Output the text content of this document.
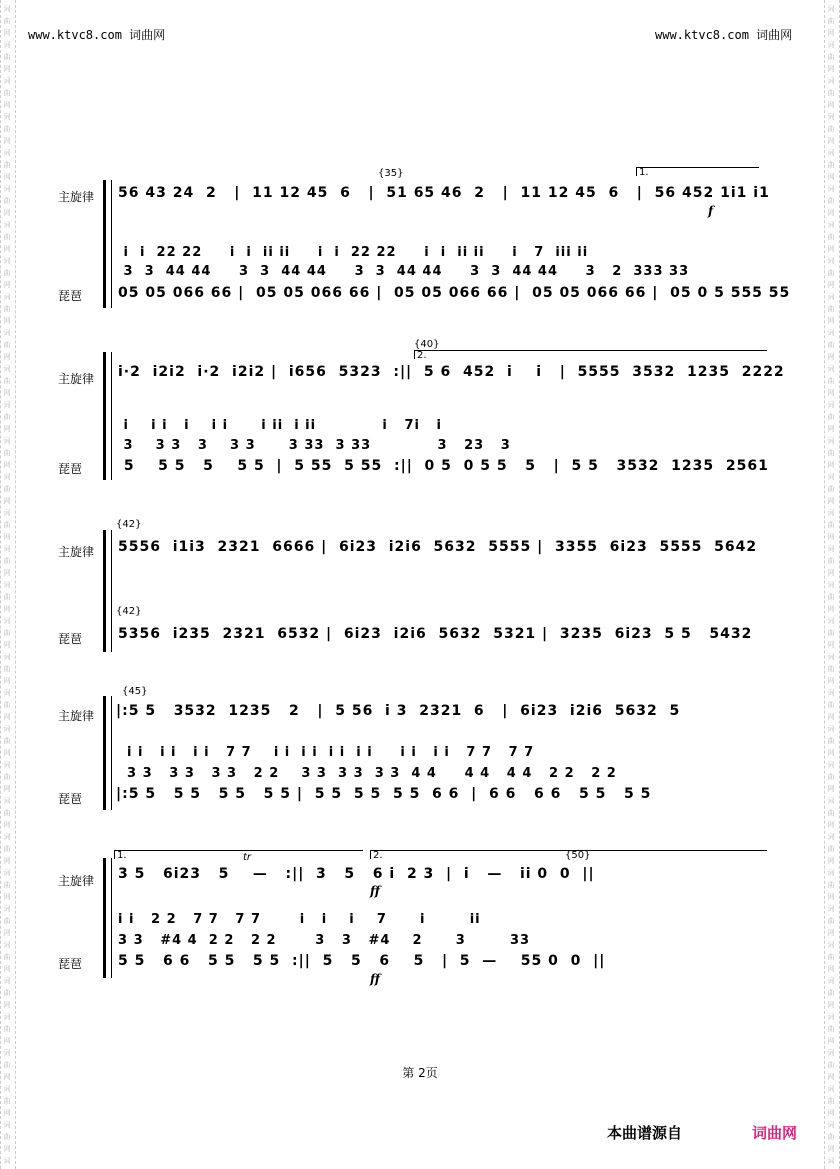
词	词
曲	曲
网	网
词	词
曲	曲
网	网
词	词
曲	曲
网	网
词	词
曲	曲
网	网
词	词
曲	曲
网	网
词	词
曲	曲
网	网
词	词
曲	曲
网	网
词	词
曲	曲
网	网
词	词
曲	曲
网	网
词	词
曲	曲
网	网
词	词
曲	曲
网	网
词	词
曲	曲
网	网
词	词
曲	曲
网	网
词	词
曲	曲
网	网
词	词
曲	曲
网	网
词	词
曲	曲
网	网
词	词
曲	曲
网	网
词	词
曲	曲
网	网
词	词
曲	曲
网	网
词	词
曲	曲
网	网
词	词
曲	曲
网	网
词	词
曲	曲
网	网
词	词
曲	曲
网	网
词	词
曲	曲
网	网
词	词
曲	曲
网	网
词	词
曲	曲
网	网
词	词
曲	曲
网	网
词	词
曲	曲
网	网
词	词
曲	曲
网	网
词	词
曲	曲
网	网
词	词
曲	曲
网	网
词	词
曲	曲
网	网
词	词
www.ktvc8.com 词曲网	www.ktvc8.com 词曲网
主旋律
琵琶
{35}	1.
56 43 24  2   |  11 12 45  6   |  51 65 46  2   |  11 12 45  6   |  56 452 1i1 i1
f
i  i  22 22     i  i  ii ii     i  i  22 22     i  i  ii ii     i   7  iii ii
3  3  44 44     3  3  44 44     3  3  44 44     3  3  44 44     3   2  333 33
05 05 066 66 |  05 05 066 66 |  05 05 066 66 |  05 05 066 66 |  05 0 5 555 55
主旋律
琵琶
{40}
2.
i·2  i2i2  i·2  i2i2 |  i656  5323  :||  5 6  452  i    i   |  5555  3532  1235  2222
i    i i   i    i i      i ii  i ii            i   7i   i
3    3 3   3    3 3      3 33  3 33            3   23   3
5    5 5   5    5 5  |  5 55  5 55  :||  0 5  0 5 5   5   |  5 5   3532  1235  2561
主旋律
琵琶
{42}
{42}
5556  i1i3  2321  6666 |  6i23  i2i6  5632  5555 |  3355  6i23  5555  5642
5356  i235  2321  6532 |  6i23  i2i6  5632  5321 |  3235  6i23  5 5   5432
主旋律
琵琶
{45}
|:5 5   3532  1235   2   |  5 56  i 3  2321  6   |  6i23  i2i6  5632  5
i i   i i   i i   7 7    i i  i i  i i  i i     i i   i i   7 7   7 7
3 3   3 3   3 3   2 2    3 3  3 3  3 3  4 4     4 4   4 4   2 2   2 2
|:5 5   5 5   5 5   5 5 |  5 5  5 5  5 5  6 6  |  6 6   6 6   5 5   5 5
主旋律
琵琶
1.	2.	{50}
tr
3 5   6i23   5    —   :||  3   5   6 i  2 3  |  i   —   ii 0  0  ||
ff
i i   2 2   7 7   7 7       i   i    i    7      i        ii
3 3   #4 4  2 2   2 2       3   3   #4    2      3        33
5 5   6 6   5 5   5 5  :||  5   5   6    5   |  5  —    55 0  0  ||
ff
第 2页
本曲谱源自	词曲网
